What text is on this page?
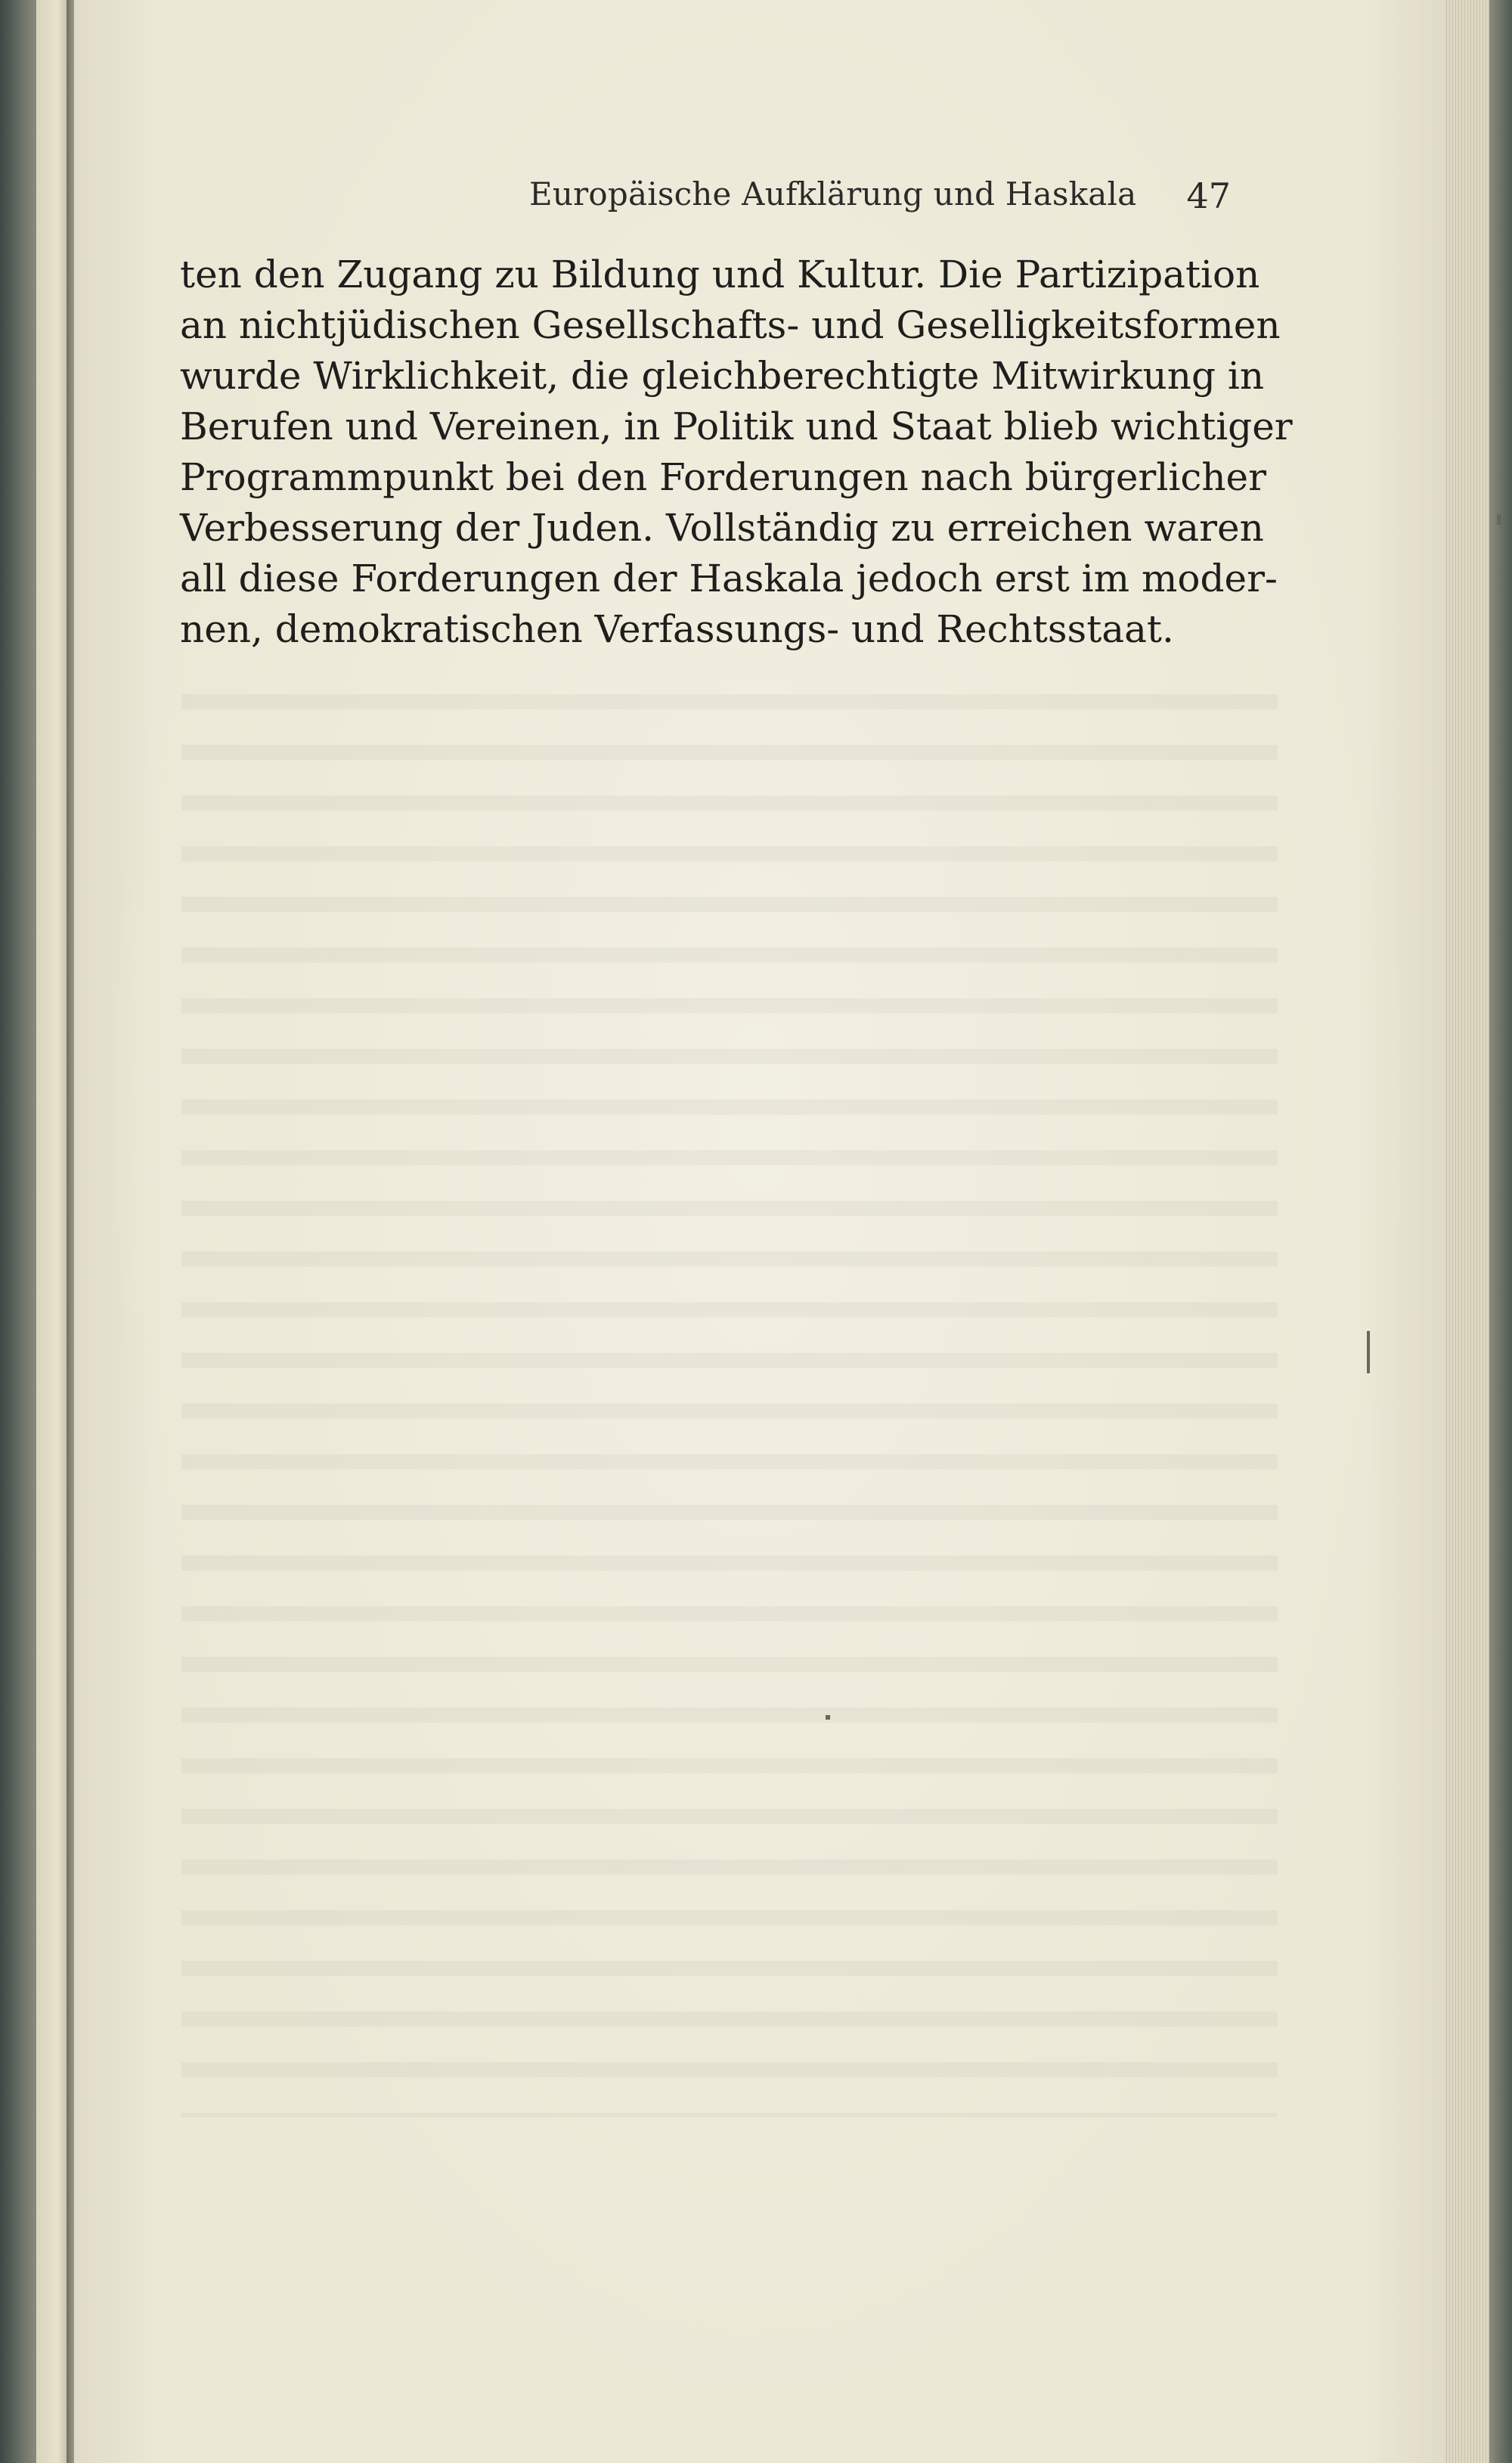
Europäische Aufklärung und Haskala 47
ten den Zugang zu Bildung und Kultur. Die Partizipation
an nichtjüdischen Gesellschafts- und Geselligkeitsformen
wurde Wirklichkeit, die gleichberechtigte Mitwirkung in
Berufen und Vereinen, in Politik und Staat blieb wichtiger
Programmpunkt bei den Forderungen nach bürgerlicher
Verbesserung der Juden. Vollständig zu erreichen waren
all diese Forderungen der Haskala jedoch erst im moder-
nen, demokratischen Verfassungs- und Rechtsstaat.
